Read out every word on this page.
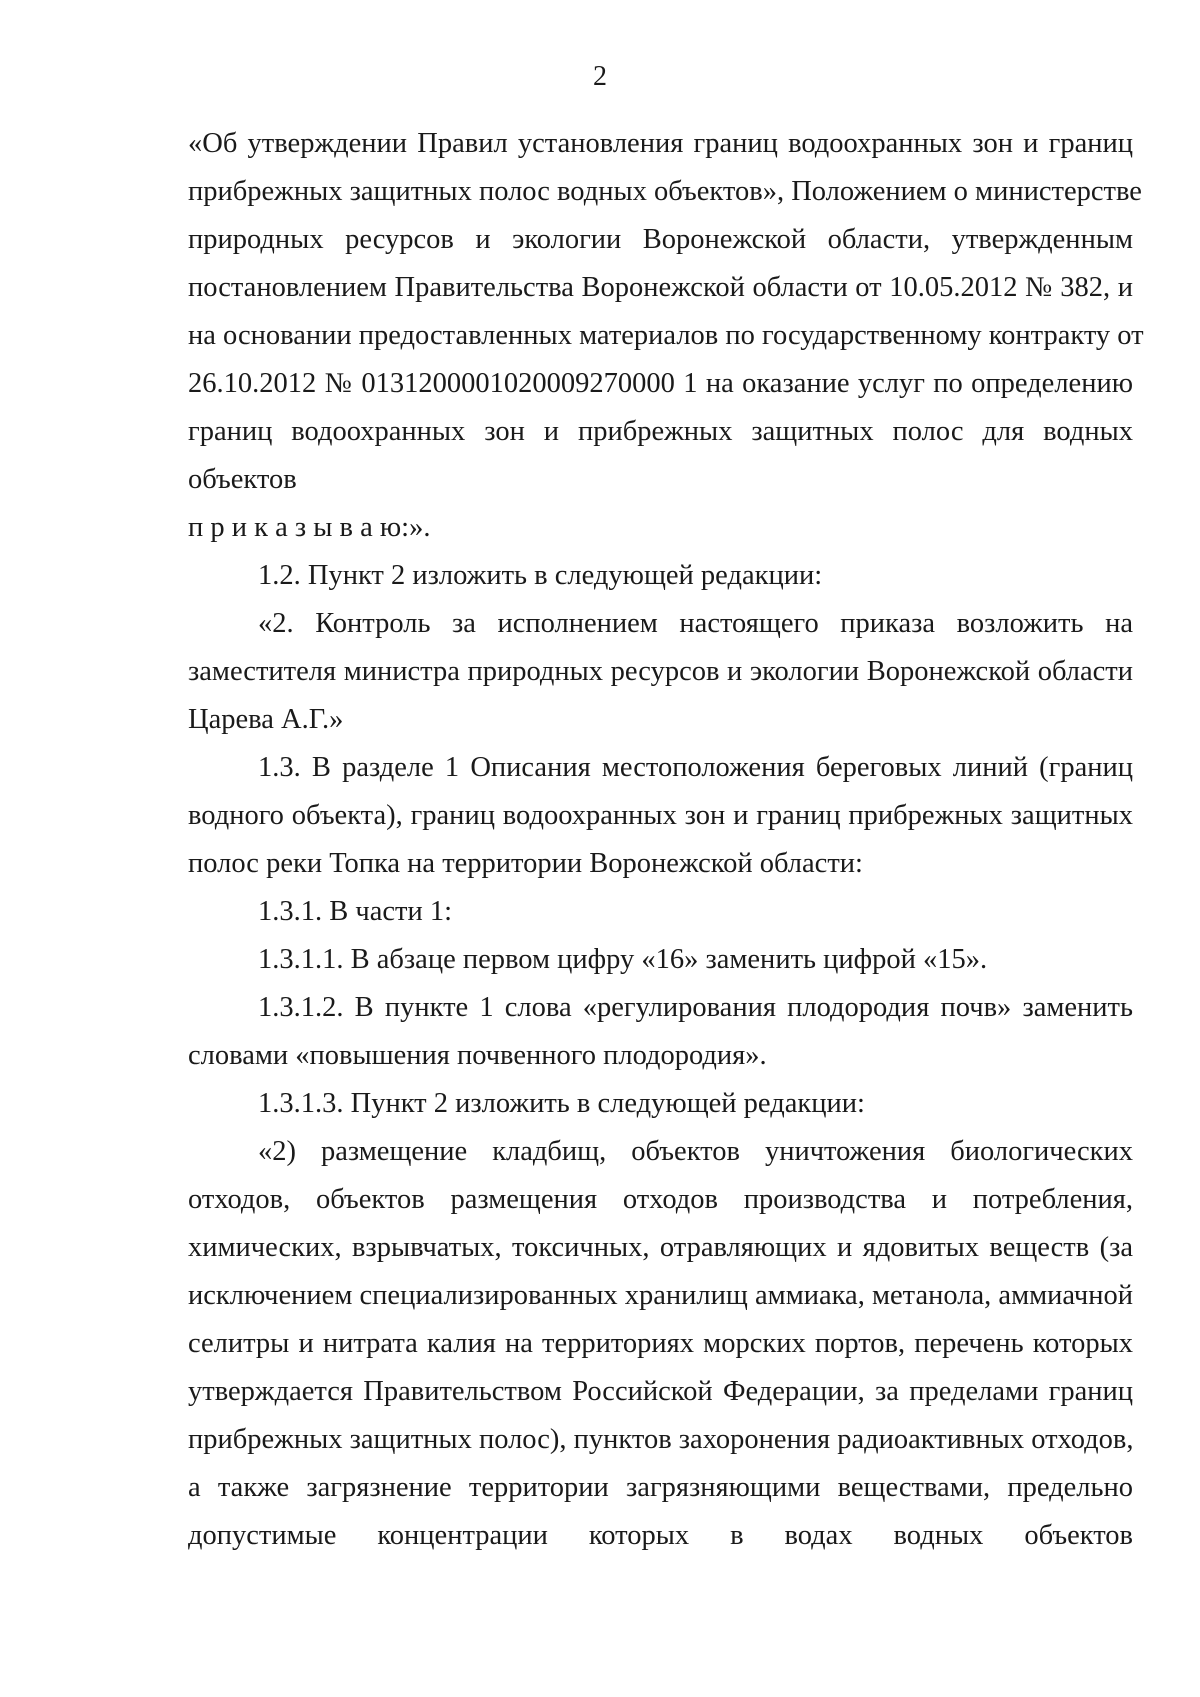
2
«Об утверждении Правил установления границ водоохранных зон и границ
прибрежных защитных полос водных объектов», Положением о министерстве
природных ресурсов и экологии Воронежской области, утвержденным
постановлением Правительства Воронежской области от 10.05.2012 № 382, и
на основании предоставленных материалов по государственному контракту от
26.10.2012 № 0131200001020009270000 1 на оказание услуг по определению
границ водоохранных зон и прибрежных защитных полос для водных
объектов
п р и к а з ы в а ю:».
1.2. Пункт 2 изложить в следующей редакции:
«2. Контроль за исполнением настоящего приказа возложить на
заместителя министра природных ресурсов и экологии Воронежской области
Царева А.Г.»
1.3. В разделе 1 Описания местоположения береговых линий (границ
водного объекта), границ водоохранных зон и границ прибрежных защитных
полос реки Топка на территории Воронежской области:
1.3.1. В части 1:
1.3.1.1. В абзаце первом цифру «16» заменить цифрой «15».
1.3.1.2. В пункте 1 слова «регулирования плодородия почв» заменить
словами «повышения почвенного плодородия».
1.3.1.3. Пункт 2 изложить в следующей редакции:
«2) размещение кладбищ, объектов уничтожения биологических
отходов, объектов размещения отходов производства и потребления,
химических, взрывчатых, токсичных, отравляющих и ядовитых веществ (за
исключением специализированных хранилищ аммиака, метанола, аммиачной
селитры и нитрата калия на территориях морских портов, перечень которых
утверждается Правительством Российской Федерации, за пределами границ
прибрежных защитных полос), пунктов захоронения радиоактивных отходов,
а также загрязнение территории загрязняющими веществами, предельно
допустимые концентрации которых в водах водных объектов
